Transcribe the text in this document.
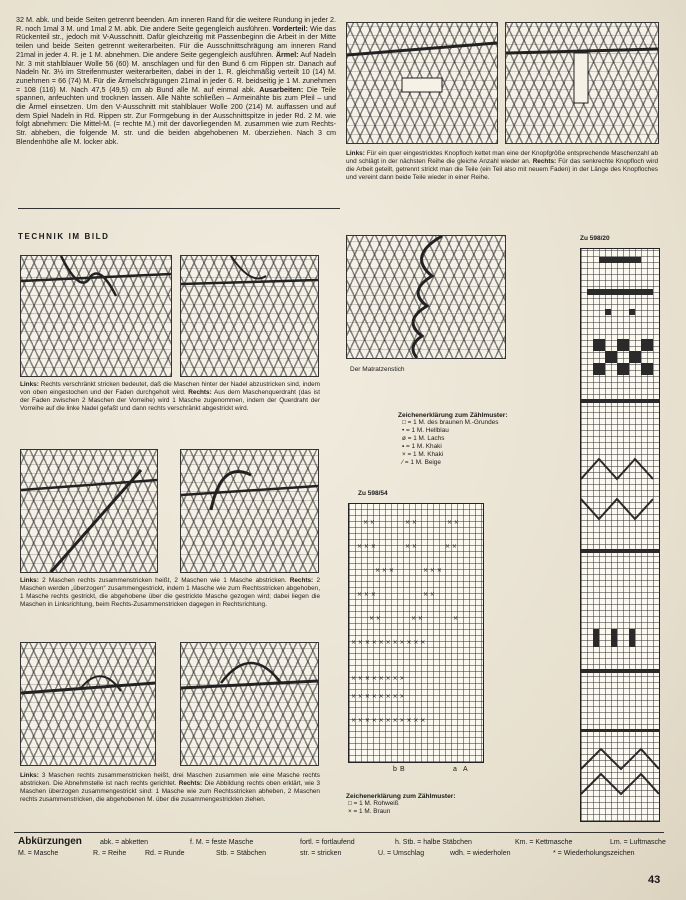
32 M. abk. und beide Seiten getrennt beenden. Am inneren Rand für die weitere Rundung in jeder 2. R. noch 1mal 3 M. und 1mal 2 M. abk. Die andere Seite gegengleich ausführen. Vorderteil: Wie das Rückenteil str., jedoch mit V-Ausschnitt. Dafür gleichzeitig mit Passenbeginn die Arbeit in der Mitte teilen und beide Seiten getrennt weiterarbeiten. Für die Ausschnittschrägung am inneren Rand 21mal in jeder 4. R. je 1 M. abnehmen. Die andere Seite gegengleich ausführen. Ärmel: Auf Nadeln Nr. 3 mit stahlblauer Wolle 56 (60) M. anschlagen und für den Bund 6 cm Rippen str. Danach auf Nadeln Nr. 3½ im Streifenmuster weiterarbeiten, dabei in der 1. R. gleichmäßig verteilt 10 (14) M. zunehmen = 66 (74) M. Für die Ärmelschrägungen 21mal in jeder 6. R. beidseitig je 1 M. zunehmen = 108 (116) M. Nach 47,5 (49,5) cm ab Bund alle M. auf einmal abk. Ausarbeiten: Die Teile spannen, anfeuchten und trocknen lassen. Alle Nähte schließen – Armeinähte bis zum Pfeil – und die Ärmel einsetzen. Um den V-Ausschnitt mit stahlblauer Wolle 200 (214) M. auffassen und auf dem Spiel Nadeln in Rd. Rippen str. Zur Formgebung in der Ausschnittspitze in jeder Rd. 2 M. wie folgt abnehmen: Die Mittel-M. (= rechte M.) mit der davorliegenden M. zusammen wie zum Rechts-Str. abheben, die folgende M. str. und die beiden abgehobenen M. überziehen. Nach 3 cm Blendenhöhe alle M. locker abk.
Links: Für ein quer eingestricktes Knopfloch kettet man eine der Knopfgröße entsprechende Maschenzahl ab und schlägt in der nächsten Reihe die gleiche Anzahl wieder an. Rechts: Für das senkrechte Knopfloch wird die Arbeit geteilt, getrennt strickt man die Teile (ein Teil also mit neuem Faden) in der Länge des Knopfloches und vereint dann beide Teile wieder in einer Reihe.
TECHNIK IM BILD
Links: Rechts verschränkt stricken bedeutet, daß die Maschen hinter der Nadel abzustricken sind, indem von oben eingestochen und der Faden durchgeholt wird. Rechts: Aus dem Maschenquerdraht (das ist der Faden zwischen 2 Maschen der Vorreihe) wird 1 Masche zugenommen, indem der Querdraht der Vorreihe auf die linke Nadel gefaßt und dann rechts verschränkt abgestrickt wird.
Links: 2 Maschen rechts zusammenstricken heißt, 2 Maschen wie 1 Masche abstricken. Rechts: 2 Maschen werden „überzogen“ zusammengestrickt, indem 1 Masche wie zum Rechtsstricken abgehoben, 1 Masche rechts gestrickt, die abgehobene über die gestrickte Masche gezogen wird; dabei liegen die Maschen in Linksrichtung, beim Rechts-Zusammenstricken dagegen in Rechtsrichtung.
Links: 3 Maschen rechts zusammenstricken heißt, drei Maschen zusammen wie eine Masche rechts abstricken. Die Abnehmstelle ist nach rechts gerichtet. Rechts: Die Abbildung rechts oben erklärt, wie 3 Maschen überzogen zusammengestrickt sind: 1 Masche wie zum Rechtsstricken abheben, 2 Maschen rechts zusammenstricken, die abgehobenen M. über die zusammengestrickten ziehen.
Der Matratzenstich
Zeichenerklärung zum Zählmuster:
□ = 1 M. des braunen M.-Grundes
• = 1 M. Hellblau
ø = 1 M. Lachs
▪ = 1 M. Khaki
× = 1 M. Khaki
⁄ = 1 M. Beige
Zu 598/54
× ×	× ×	× ×
× × ×	× ×	× ×
× × ×	× × ×
× × ×	× ×
× ×	× ×	×
× × × × × × × × × × ×
× × × × × × × ×
× × × × × × × ×
× × × × × × × × × × ×
b B	a A
Zeichenerklärung zum Zählmuster:
□ = 1 M. Rohweiß
× = 1 M. Braun
Zu 598/20
Abkürzungen	abk. = abketten	f. M. = feste Masche	fortl. = fortlaufend	h. Stb. = halbe Stäbchen	Km. = Kettmasche	Lm. = Luftmasche
M. = Masche	R. = Reihe	Rd. = Runde	Stb. = Stäbchen	str. = stricken	U. = Umschlag	wdh. = wiederholen	* = Wiederholungszeichen
43
